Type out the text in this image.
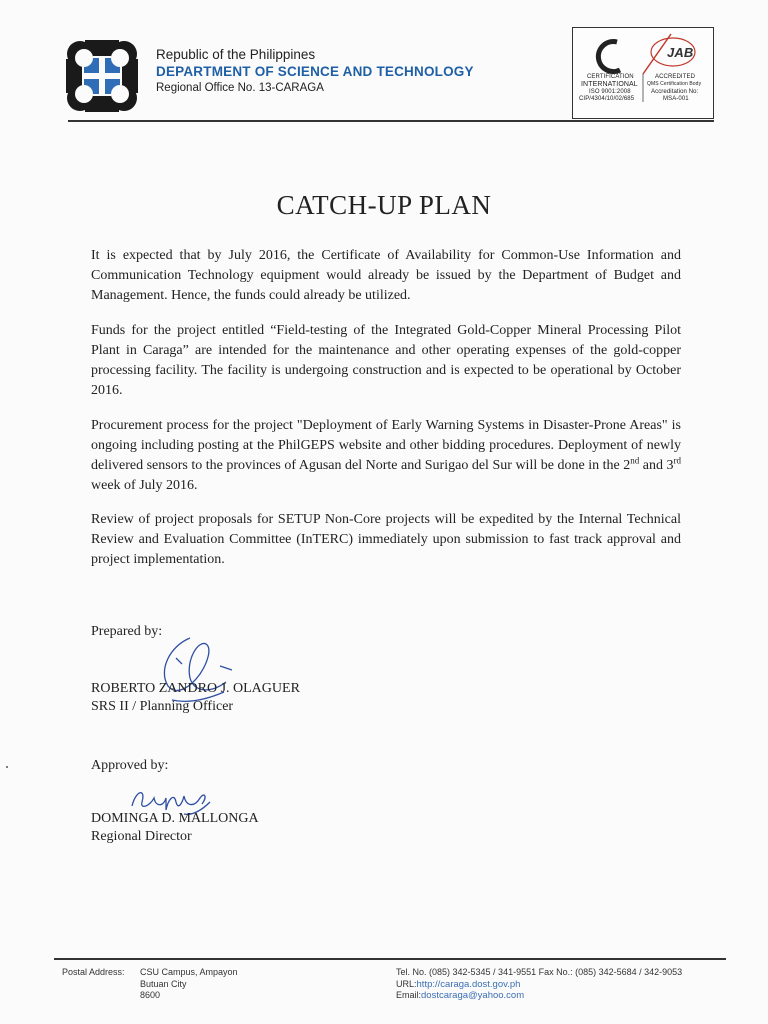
Republic of the Philippines
DEPARTMENT OF SCIENCE AND TECHNOLOGY
Regional Office No. 13-CARAGA
JAB
CERTIFICATION
INTERNATIONAL
ISO 9001:2008
CIP/4304/10/02/685
ACCREDITED
QMS Certification Body
Accreditation No:
MSA-001
CATCH-UP PLAN
It is expected that by July 2016, the Certificate of Availability for Common-Use Information and Communication Technology equipment would already be issued by the Department of Budget and Management. Hence, the funds could already be utilized.
Funds for the project entitled “Field-testing of the Integrated Gold-Copper Mineral Processing Pilot Plant in Caraga” are intended for the maintenance and other operating expenses of the gold-copper processing facility. The facility is undergoing construction and is expected to be operational by October 2016.
Procurement process for the project "Deployment of Early Warning Systems in Disaster-Prone Areas" is ongoing including posting at the PhilGEPS website and other bidding procedures. Deployment of newly delivered sensors to the provinces of Agusan del Norte and Surigao del Sur will be done in the 2nd and 3rd week of July 2016.
Review of project proposals for SETUP Non-Core projects will be expedited by the Internal Technical Review and Evaluation Committee (InTERC) immediately upon submission to fast track approval and project implementation.
Prepared by:
ROBERTO ZANDRO J. OLAGUER
SRS II / Planning Officer
Approved by:
DOMINGA D. MALLONGA
Regional Director
Postal Address: CSU Campus, Ampayon
Butuan City
8600
Tel. No. (085) 342-5345 / 341-9551 Fax No.: (085) 342-5684 / 342-9053
URL:http://caraga.dost.gov.ph
Email:dostcaraga@yahoo.com
